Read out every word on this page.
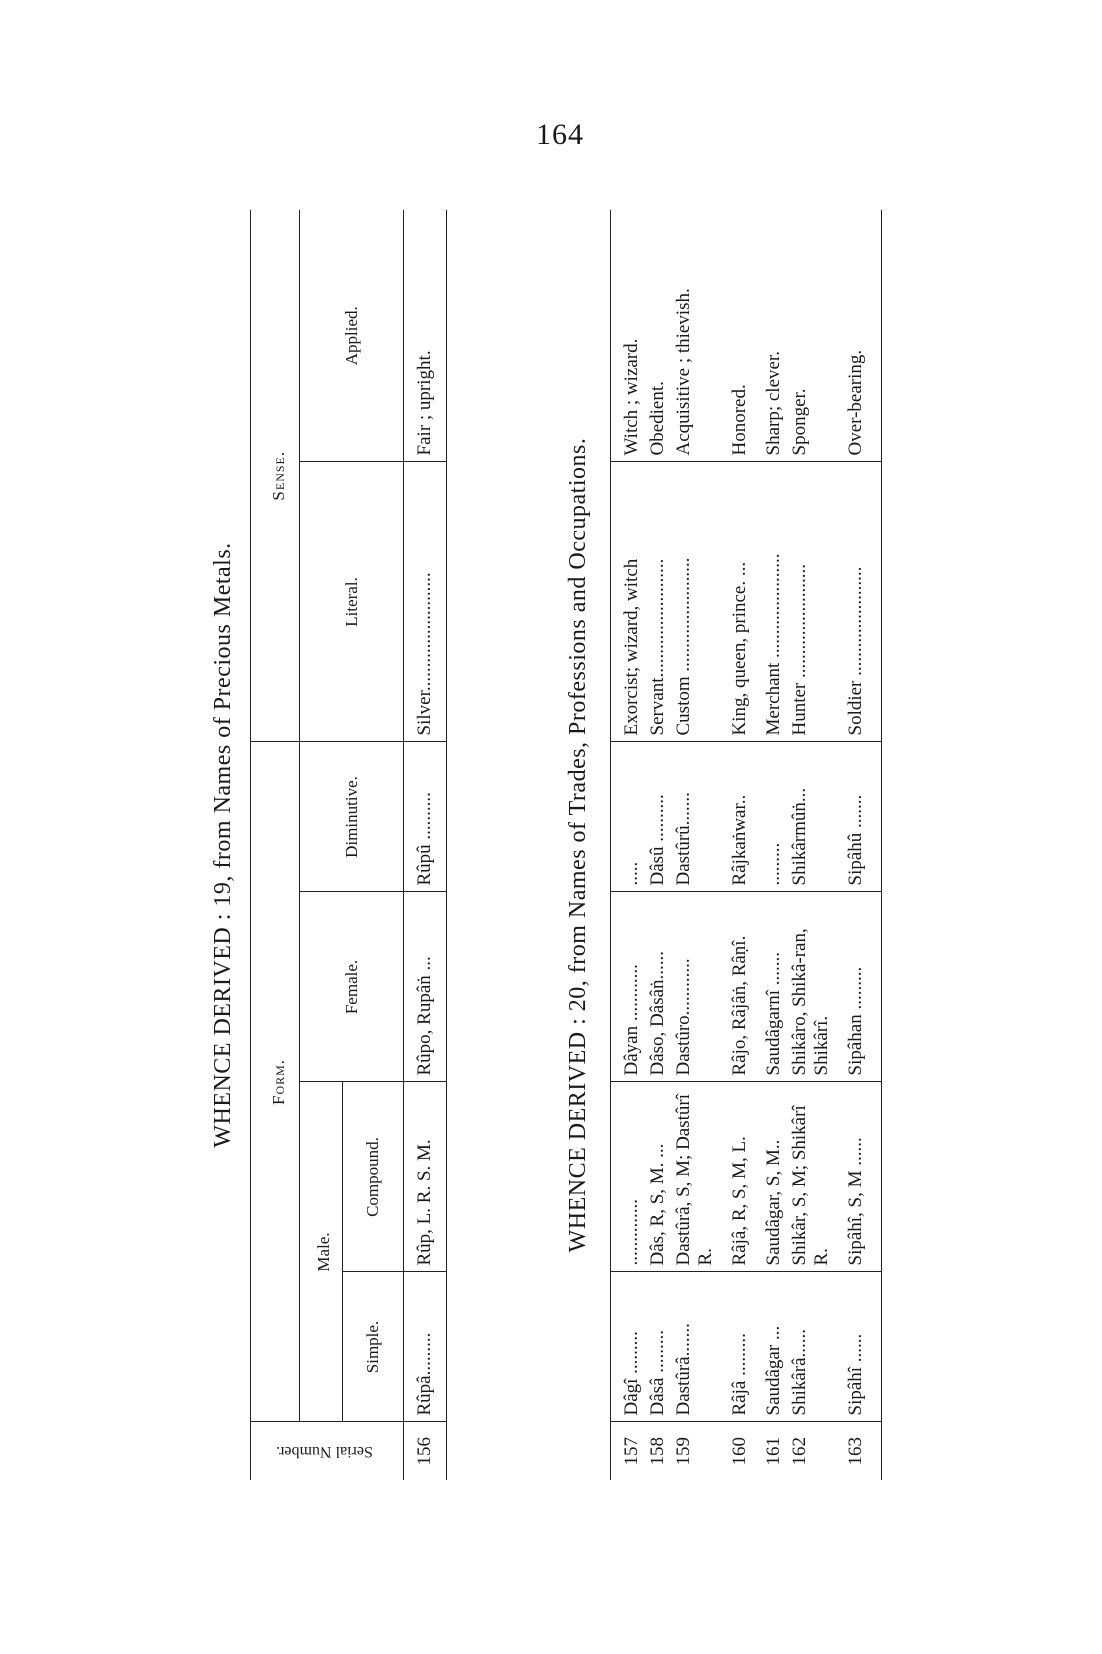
164
WHENCE DERIVED : 19, from Names of Precious Metals.
Serial Number.	Form.				Sense.	
	Male.		Female.	Diminutive.	Literal.	Applied.
	Simple.	Compound.				
156	Rûpâ.........	Rûp, L. R. S. M.	Rûpo, Rupâṅ ...	Rûpû ..........	Silver.........................	Fair ; upright.
WHENCE DERIVED : 20, from Names of Trades, Professions and Occupations.
157	Dâgî .........	..............	Dâyan ............	.....	Exorcist; wizard, witch	Witch ; wizard.
158	Dâsâ .........	Dâs, R, S, M. ...	Dâso, Dâsâṅ......	Dâsû ..........	Servant.........................	Obedient.
159	Dastûrâ.......	Dastûrâ, S, M; Dastûrî R.	Dastûro............	Dastûrû.......	Custom ........................	Acquisitive ; thievish.
160	Râjâ .........	Râjâ, R, S, M, L.	Râjo, Râjâṅ, Râṇî.	Râjkaṅwar..	King, queen, prince. ...	Honored.
161	Saudâgar ...	Saudâgar, S, M..	Saudâgarnî .......	.........	Merchant ......................	Sharp; clever.
162	Shikârâ......	Shikâr, S, M; Shikârî R.	Shikâro, Shikâ-ran, Shikârî.	Shikârmûṅ...	Hunter ........................	Sponger.
163	Sipâhî ......	Sipâhî, S, M ......	Sipâhan .........	Sipâhû .......	Soldier .......................	Over-bearing.
